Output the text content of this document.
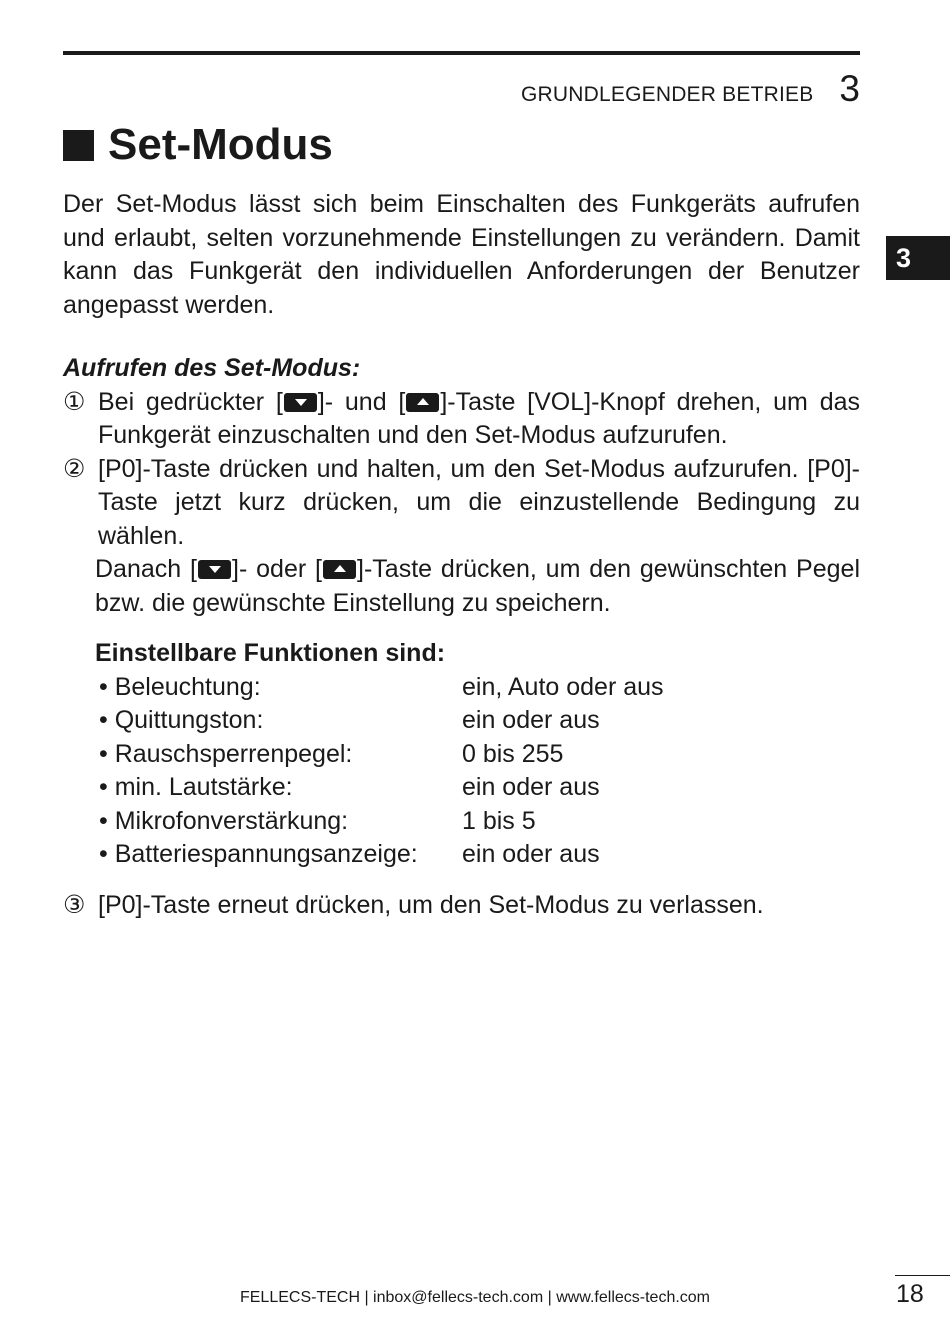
GRUNDLEGENDER BETRIEB 3
Set-Modus
3

Der Set-Modus lässt sich beim Einschalten des Funkgeräts aufrufen und erlaubt, selten vorzunehmende Einstellungen zu verändern. Damit kann das Funkgerät den individuellen Anforderungen der Benutzer angepasst werden.

Aufrufen des Set-Modus:

① Bei gedrückter [ ]- und [ ]-Taste [VOL]-Knopf drehen, um das Funkgerät einzuschalten und den Set-Modus aufzurufen.
② [P0]-Taste drücken und halten, um den Set-Modus aufzurufen. [P0]-Taste jetzt kurz drücken, um die einzustellende Bedingung zu wählen.

Danach [ ]- oder [ ]-Taste drücken, um den gewünschten Pegel bzw. die gewünschte Einstellung zu speichern.

Einstellbare Funktionen sind:

• Beleuchtung:	ein, Auto oder aus
• Quittungston:	ein oder aus
• Rauschsperrenpegel:	0 bis 255
• min. Lautstärke:	ein oder aus
• Mikrofonverstärkung:	1 bis 5
• Batteriespannungsanzeige:	ein oder aus
③ [P0]-Taste erneut drücken, um den Set-Modus zu verlassen.
FELLECS-TECH | inbox@fellecs-tech.com | www.fellecs-tech.com	18
